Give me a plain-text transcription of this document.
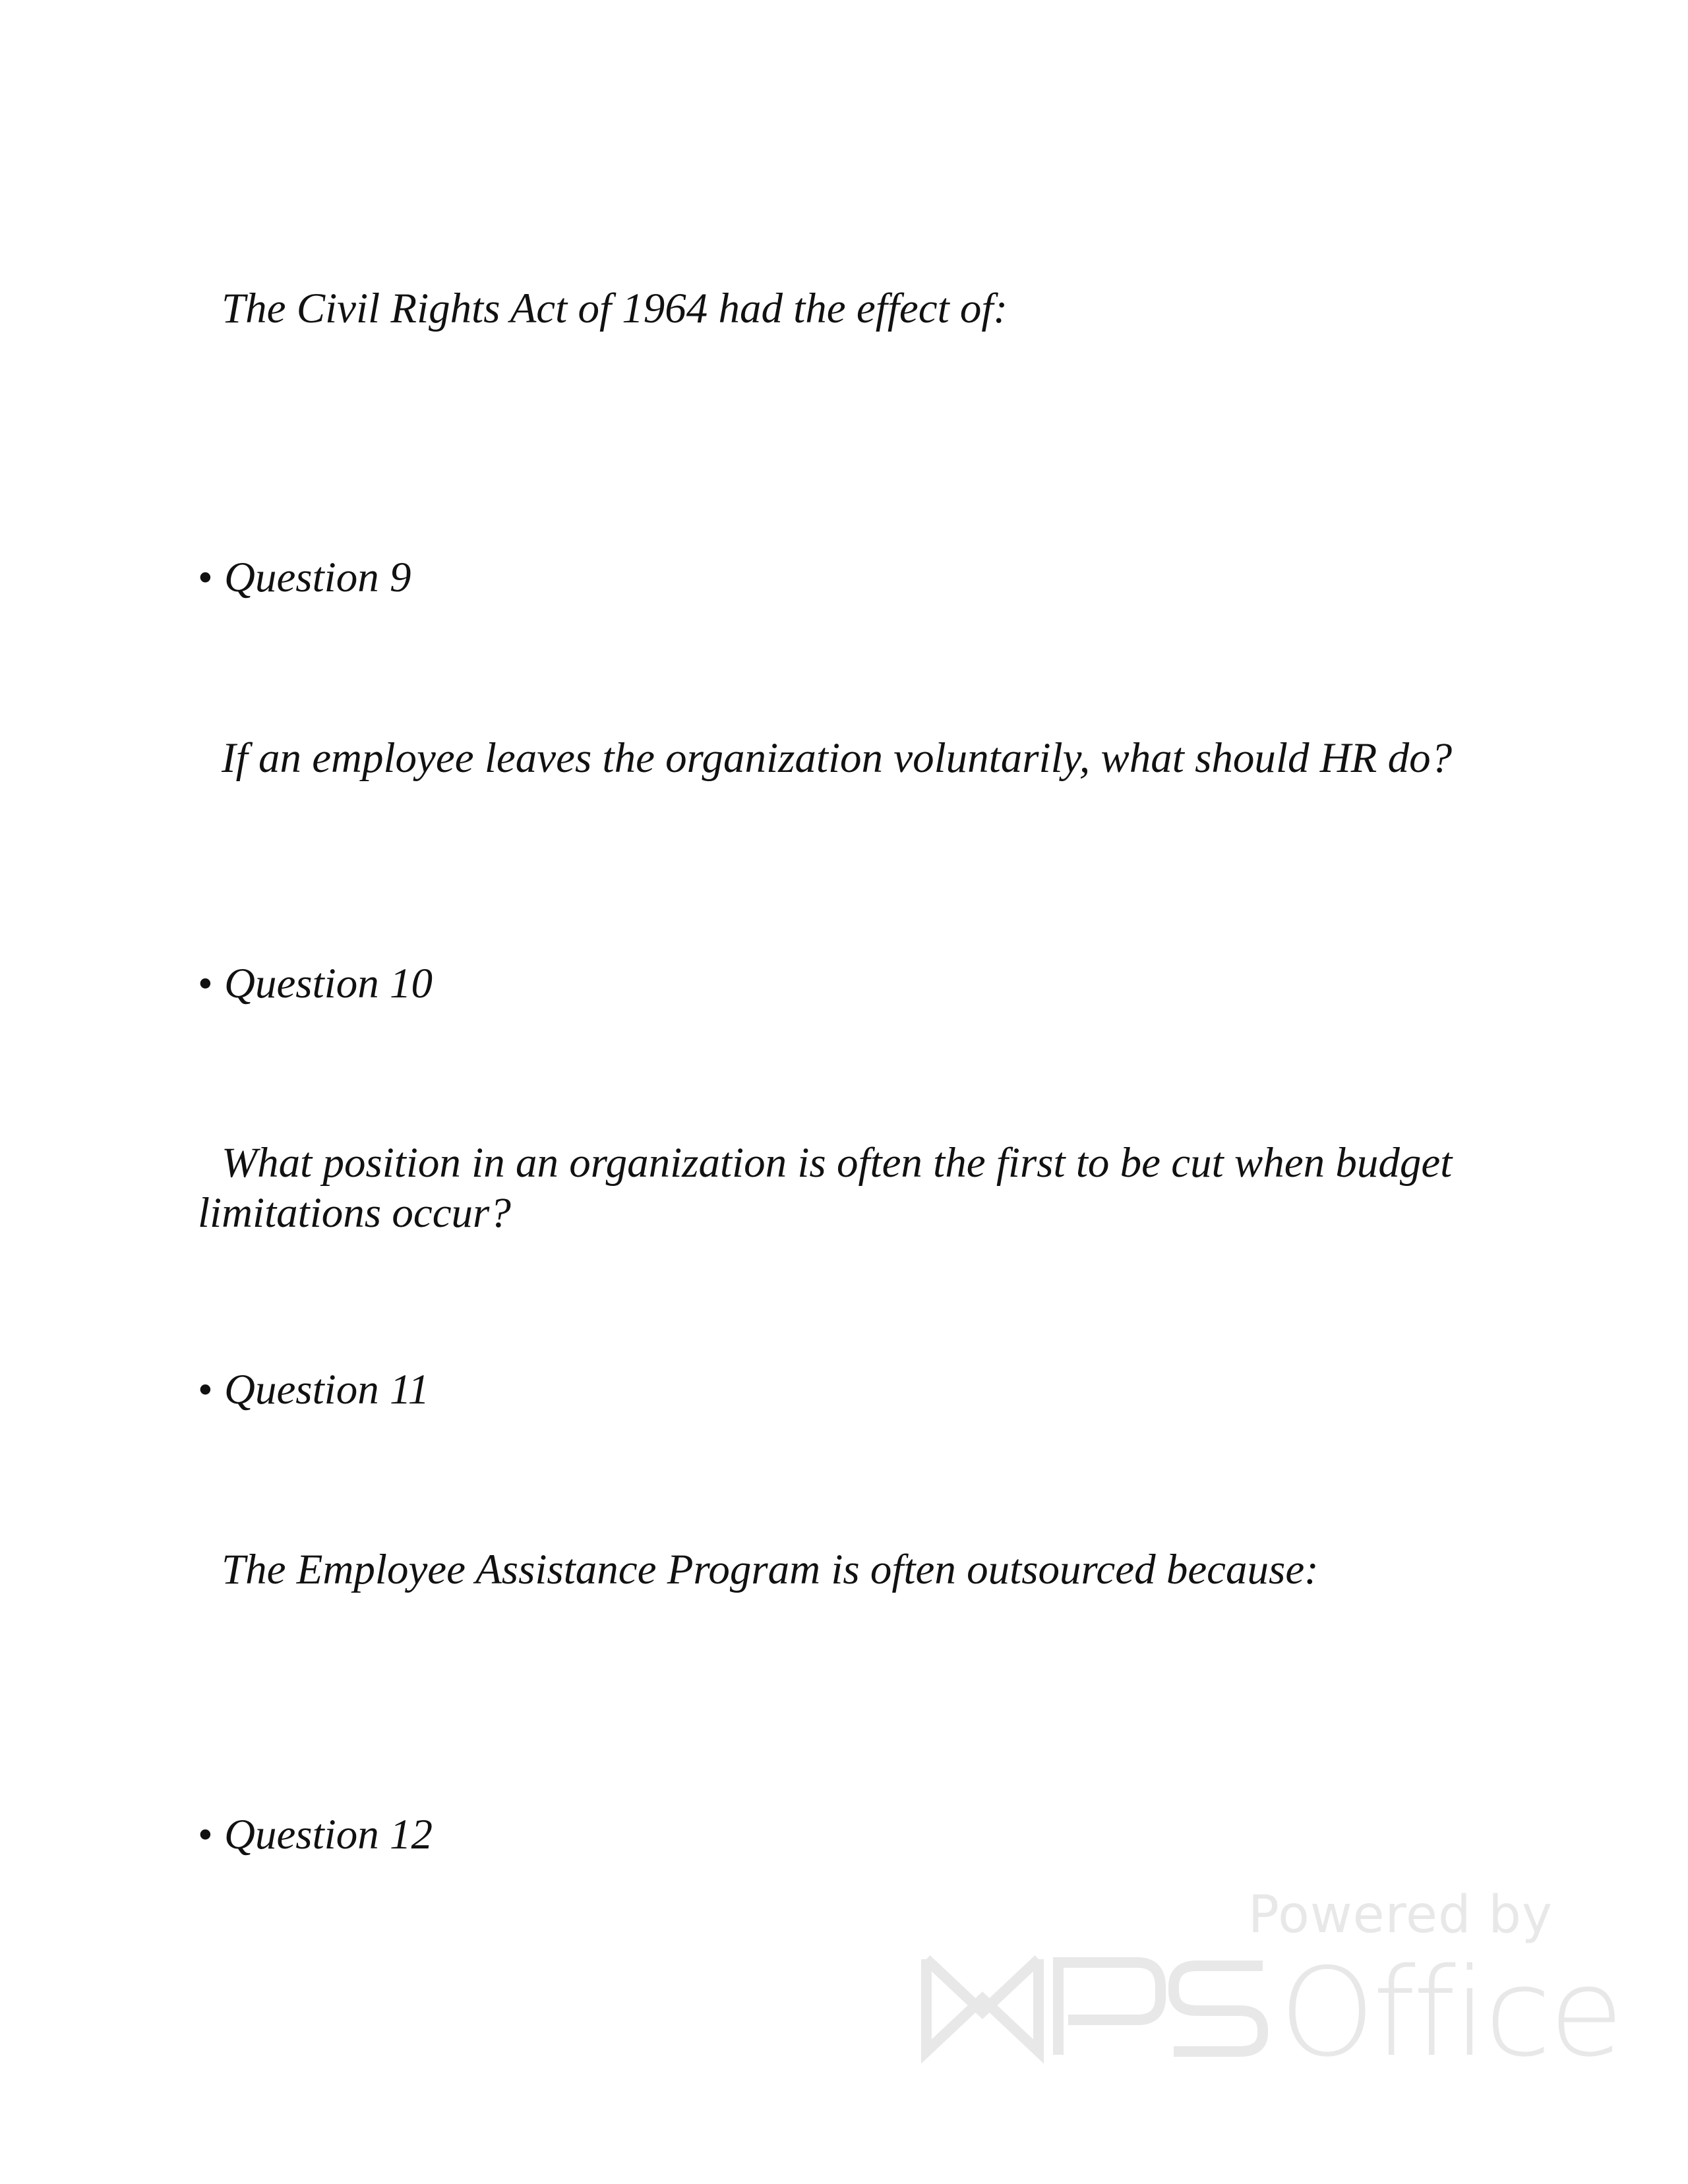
The Civil Rights Act of 1964 had the effect of:

• Question 9

If an employee leaves the organization voluntarily, what should HR do?

• Question 10

What position in an organization is often the first to be cut when budget limitations occur?

• Question 11

The Employee Assistance Program is often outsourced because:

• Question 12

Powered by
Office
